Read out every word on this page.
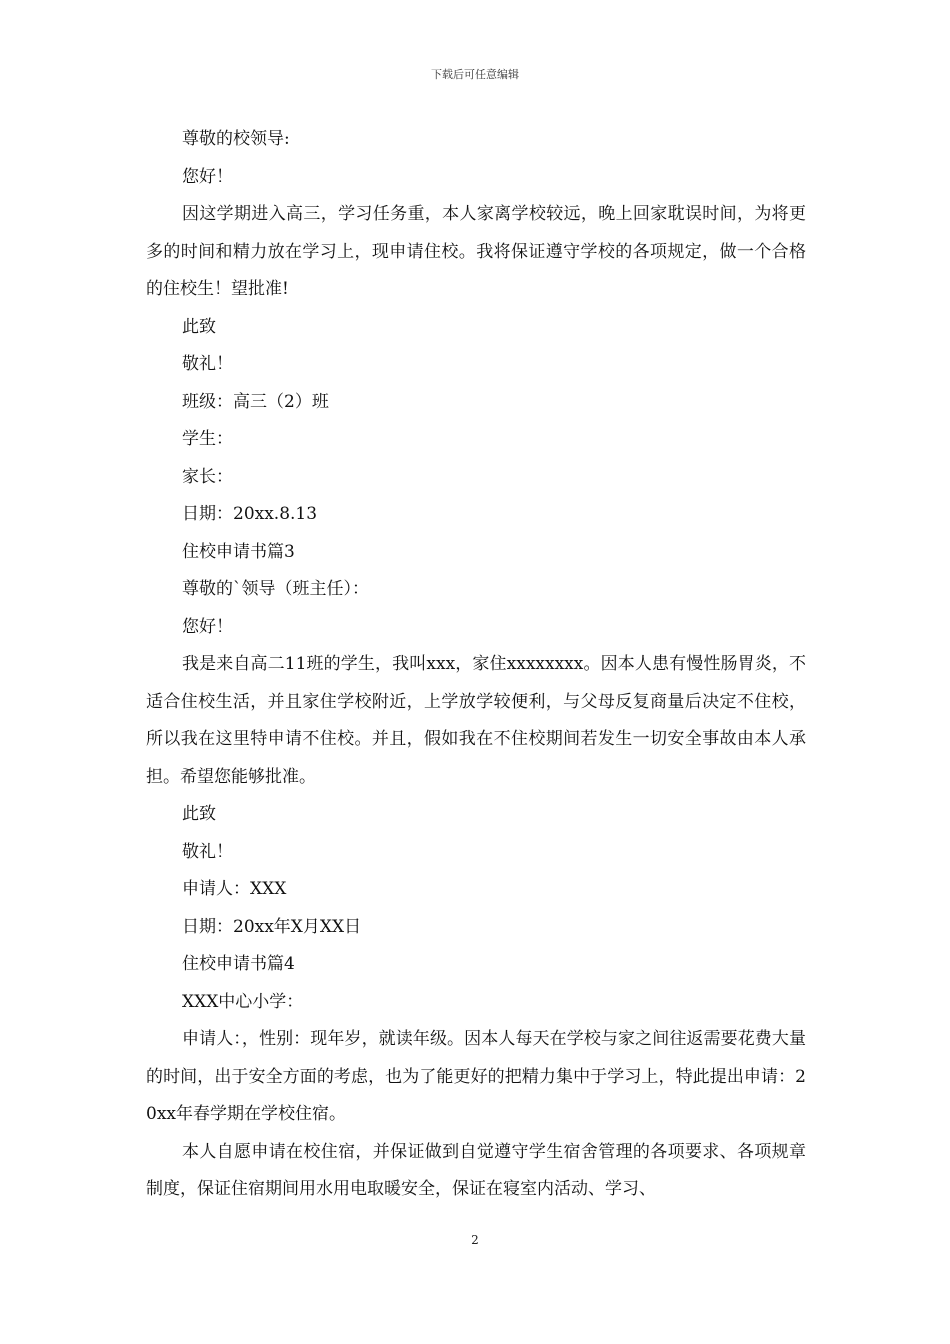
下载后可任意编辑
尊敬的校领导:
您好！

因这学期进入高三，学习任务重，本人家离学校较远，晚上回家耽误时间，为将更多的时间和精力放在学习上，现申请住校。我将保证遵守学校的各项规定，做一个合格的住校生！望批准!

此致
敬礼！
班级：高三（2）班
学生：
家长：
日期：20xx.8.13
住校申请书篇3
尊敬的`领导（班主任）：
您好！

我是来自高二11班的学生，我叫xxx，家住xxxxxxxx。因本人患有慢性肠胃炎，不适合住校生活，并且家住学校附近，上学放学较便利，与父母反复商量后决定不住校，所以我在这里特申请不住校。并且，假如我在不住校期间若发生一切安全事故由本人承担。希望您能够批准。

此致
敬礼！
申请人：XXX
日期：20xx年X月XX日
住校申请书篇4
XXX中心小学：

申请人：，性别：现年岁，就读年级。因本人每天在学校与家之间往返需要花费大量的时间，出于安全方面的考虑，也为了能更好的把精力集中于学习上，特此提出申请：20xx年春学期在学校住宿。

本人自愿申请在校住宿，并保证做到自觉遵守学生宿舍管理的各项要求、各项规章制度，保证住宿期间用水用电取暖安全，保证在寝室内活动、学习、

2
